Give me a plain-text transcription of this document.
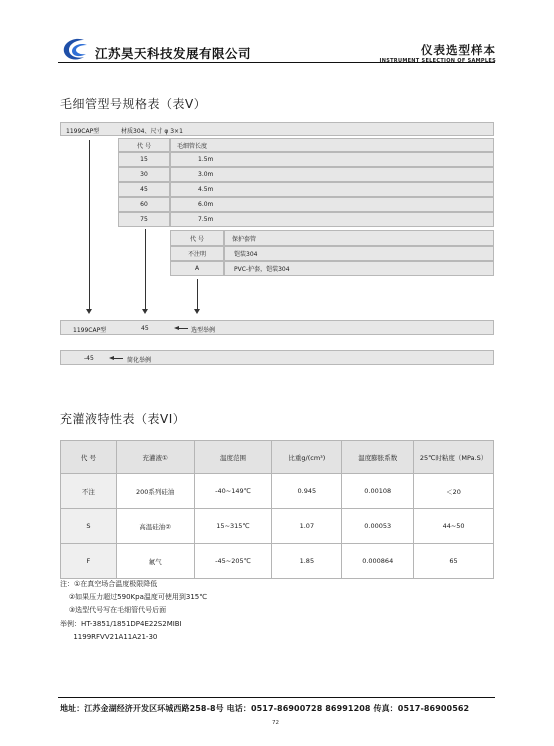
江苏昊天科技发展有限公司	仪表选型样本
INSTRUMENT SELECTION OF SAMPLES
毛细管型号规格表（表V）
1199CAP型	材质304、尺寸 φ 3×1
代 号	毛细管长度
15	1.5m
30	3.0m
45	4.5m
60	6.0m
75	7.5m
代 号	保护套管
不注明	铠装304
A	PVC-护套，铠装304
1199CAP型	45	选型举例
-45	简化举例
充灌液特性表（表VI）
代 号	充灌液①	温度范围	比重g/(cm³)	温度膨胀系数	25℃时粘度（MPa.S）
不注	200系列硅油	-40~149℃	0.945	0.00108	＜20
S	高温硅油②	15~315℃	1.07	0.00053	44~50
F	氟气	-45~205℃	1.85	0.000864	65
注：①在真空场合温度极限降低
②如果压力超过590Kpa温度可使用到315℃
③选型代号写在毛细管代号后面
举例：HT-3851/1851DP4E22S2MIBI
1199RFVV21A11A21-30
地址：江苏金湖经济开发区环城西路258-8号 电话：0517-86900728 86991208 传真：0517-86900562
72
